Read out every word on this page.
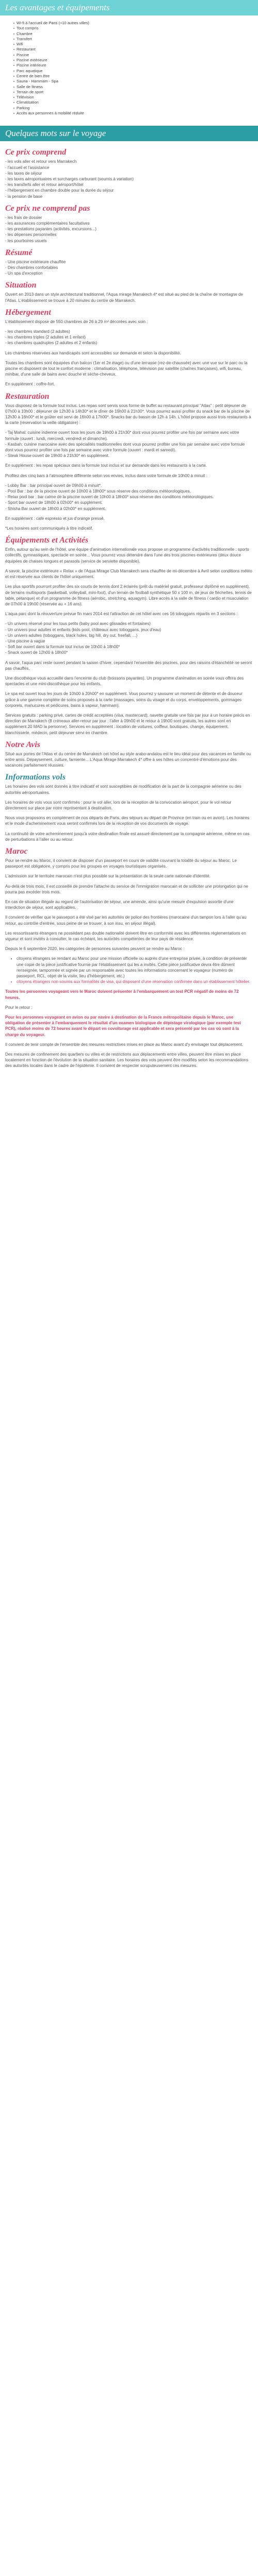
Les avantages et équipements
Wi-fi à l'accueil de Paris (+10 autres villes)
Tout compris
Chambre
Transfert
Wifi
Restaurant
Piscine
Piscine extérieure
Piscine intérieure
Parc aquatique
Centre de bien être
Sauna - Hammam - Spa
Salle de fitness
Terrain de sport
Télévision
Climatisation
Parking
Accès aux personnes à mobilité réduite
Quelques mots sur le voyage
Ce prix comprend
- les vols aller et retour vers Marrakech
- l'accueil et l'assistance
- les taxes de séjour
- les taxes aéroportuaires et surcharges carburant (soumis à variation)
- les transferts aller et retour aéroport/hôtel
- l'hébergement en chambre double pour la durée du séjour
- la pension de base
Ce prix ne comprend pas
- les frais de dossier
- les assurances complémentaires facultatives
- les prestations payantes (activités, excursions...)
- les dépenses personnelles
- les pourboires usuels
Résumé
- Une piscine extérieure chauffée
- Des chambres confortables
- Un spa d'exception
Situation

Ouvert en 2013 dans un style architectural traditionnel, l'Aqua mirage Marrakech 4* est situé au pied de la chaîne de montagne de l'Atlas. L'établissement se trouve à 20 minutes du centre de Marrakech.

Hébergement

L'établissement dispose de 550 chambres de 26 à 29 m² décorées avec soin :

- les chambres standard (2 adultes)
- les chambres triples (2 adultes et 1 enfant)
- les chambres quadruples (2 adultes et 2 enfants)

Les chambres réservées aux handicapés sont accessibles sur demande et selon la disponibilité.

Toutes les chambres sont équipées d'un balcon (1er et 2e étage) ou d'une terrasse (rez-de-chaussée) avec une vue sur le parc ou la piscine et disposent de tout le confort moderne : climatisation, téléphone, télévision par satellite (chaînes françaises), wifi, bureau, minibar, d'une salle de bains avec douche et sèche-cheveux.

En supplément : coffre-fort.

Restauration

Vous disposez de la formule tout inclus. Les repas sont servis sous forme de buffet au restaurant principal "Atlas" : petit déjeuner de 07h00 à 10h00 ; déjeuner de 12h30 à 14h30* et le dîner de 19h00 à 21h30*. Vous pourrez aussi profiter du snack bar de la piscine de 12h30 à 16h00* et le goûter est servi de 16h00 à 17h00*. Snacks bar du bassin de 12h à 14h. L'hôtel propose aussi trois restaurants à la carte (réservation la veille obligatoire) :

- Taj Mahal: cuisine indienne ouvert tous les jours de 19h00 à 21h30* dont vous pourrez profiter une fois par semaine avec votre formule (ouvert : lundi, mercredi, vendredi et dimanche).
- Kasbah: cuisine marocaine avec des spécialités traditionnelles dont vous pourrez profiter une fois par semaine avec votre formule dont vous pourrez profiter une fois par semaine avec votre formule (ouvert : mardi et samedi).
- Steak House ouvert de 19h00 à 21h30* en supplément.

En supplément : les repas spéciaux dans la formule tout inclus et sur demande dans les restaurants à la carte.

Profitez des cinq bars à l'atmosphère différente selon vos envies, inclus dans votre formule de 10h00 à minuit :

- Lobby Bar : bar principal ouvert de 09h00 à minuit*.
- Pool Bar : bar de la piscine ouvert de 10h00 à 18h00* sous réserve des conditions météorologiques.
- Relax pool bar : bar calme de la piscine ouvert de 10h00 à 18h00* sous réserve des conditions météorologiques.
- Sport bar ouvert de 18h00 à 02h00* en supplément.
- Shisha Bar ouvert de 18h00 à 02h00* en supplément.

En supplément : café espresso et jus d'orange pressé.

*Les horaires sont communiqués à titre indicatif.

Équipements et Activités

Enfin, autour qu'au sein de l'hôtel, une équipe d'animation internationale vous propose un programme d'activités traditionnelle : sports collectifs, gymnastiques, spectacle en soirée... Vous pourrez vous détendre dans l'une des trois piscines extérieures (deux douce équipées de chaises longues et parasols (service de serviette disponible).

A savoir, la piscine extérieure « Relax » de l'Aqua Mirage Club Marrakech sera chauffée de mi-décembre à Avril selon conditions météo et est réservée aux clients de l'hôtel uniquement.

Les plus sportifs pourront profiter des six courts de tennis dont 2 éclairés (prêt du matériel gratuit, professeur diplômé en supplément), de terrains multisports (basketball, volleyball, mini-foot), d'un terrain de football synthétique 50 x 100 m, de jeux de fléchettes, tennis de table, pétanque) et d'un programme de fitness (aérobic, stretching, aquagym). Libre accès à la salle de fitness / cardio et musculation de 07h00 à 19h00 (réservée au + 16 ans).

L'aqua parc dont la réouverture prévue fin mars 2014 est l'attraction de cet hôtel avec ces 16 toboggans répartis en 3 sections :

- Un univers réservé pour les tous petits (baby pool avec glissades et fontaines)
- Un univers pour adultes et enfants (kids pool, châteaux avec toboggans, jeux d'eau)
- Un univers adultes (toboggans, black holes, big hill, dry out, freefall, ...)
- Une piscine à vague
- Soft bar ouvert dans la formule tout inclus de 10h00 à 18h00*
- Snack ouvert de 12h00 à 18h00*

A savoir, l'aqua parc reste ouvert pendant la saison d'hiver, cependant l'ensemble des piscines, pour des raisons d'étanchéité ne seront pas chauffés.

Une discothèque vous accueille dans l'enceinte du club (boissons payantes). Un programme d'animation en soirée vous offrira des spectacles et une mini-discothèque pour les enfants.

Le spa est ouvert tous les jours de 10h00 à 20h00* en supplément. Vous pourrez y savourer un moment de détente et de douceur grâce à une gamme complète de soins proposés à la carte (massages, soins du visage et du corps, enveloppements, gommages corporels, manucures et pédicures, bains à vapeur, hammam).

Services gratuits : parking privé, cartes de crédit acceptées (visa, mastercard), navette gratuite une fois par jour à un horaire précis en direction de Marrakech (8 créneaux aller-retour par jour : l'aller à 09h00 et le retour à 19h00 sont gratuits, les autres sont en supplément 20 MAD la personne). Services en supplément : location de voitures, coiffeur, boutiques, change, équipement, blanchisserie, médecin, petit déjeuner servi en chambre.

Notre Avis

Situé aux portes de l'Atlas et du centre de Marrakech cet hôtel au style arabo-andalou est le lieu idéal pour des vacances en famille ou entre amis. Dépaysement, culture, farniente... L'Aqua Mirage Marrakech 4* offre à ses hôtes un concentré d'émotions pour des vacances parfaitement réussies.

Informations vols

Les horaires des vols sont donnés à titre indicatif et sont susceptibles de modification de la part de la compagnie aérienne ou des autorités aéroportuaires.

Les horaires de vols vous sont confirmés : pour le vol aller, lors de la réception de la convocation aéroport, pour le vol retour directement sur place par notre représentant à destination.

Nous vous proposons en complément de nos départs de Paris, des séjours au départ de Province (en train ou en avion). Les horaires et le mode d'acheminement vous seront confirmés lors de la réception de vos documents de voyage.

La continuité de votre acheminement jusqu'à votre destination finale est assuré directement par la compagnie aérienne, même en cas de perturbations à l'aller ou au retour.

Maroc

Pour se rendre au Maroc, il convient de disposer d'un passeport en cours de validité couvrant la totalité du séjour au Maroc. Le passeport est obligatoire, y compris pour les groupes en voyages touristiques organisés.

L'admission sur le territoire marocain n'est plus possible sur la présentation de la seule carte nationale d'identité.

Au-delà de trois mois, il est conseillé de prendre l'attache du service de l'immigration marocain et de solliciter une prolongation qui ne pourra pas excéder trois mois.

En cas de situation illégale au regard de l'autorisation de séjour, une amende, ainsi qu'une mesure d'expulsion assortie d'une interdiction de séjour, sont applicables.

Il convient de vérifier que le passeport a été visé par les autorités de police des frontières (marocaine d'un tampon lors à l'aller qu'au retour, au contrôle d'entrée, sous peine de se trouver, à son insu, en séjour illégal).

Les ressortissants étrangers ne possédant pas double nationalité doivent être en conformité avec les différentes réglementations en vigueur et sont invités à consulter, le cas échéant, les autorités compétentes de leur pays de résidence.

Depuis le 6 septembre 2020, les catégories de personnes suivantes peuvent se rendre au Maroc :

• citoyens étrangers se rendant au Maroc pour une mission officielle ou auprès d'une entreprise privée, à condition de présenter une copie de la pièce justificative fournie par l'établissement qui les a invités. Cette pièce justificative devra être dûment renseignée, tamponnée et signée par un responsable avec toutes les informations concernant le voyageur (numéro de passeport, RCL, objet de la visite, lieu d'hébergement, etc.)
• citoyens étrangers non soumis aux formalités de visa, qui disposent d'une réservation confirmée dans un établissement hôtelier.

Toutes les personnes voyageant vers le Maroc doivent présenter à l'embarquement un test PCR négatif de moins de 72 heures.

Pour le retour :

Pour les personnes voyageant en avion ou par navire à destination de la France métropolitaine depuis le Maroc, une obligation de présenter à l'embarquement le résultat d'un examen biologique de dépistage virologique (par exemple test PCR), réalisé moins de 72 heures avant le départ en covoiturage est applicable et sera présenté par les cas où sont à la charge du voyageur.

Il convient de tenir compte de l'ensemble des mesures restrictives mises en place au Maroc avant d'y envisager tout déplacement.

Des mesures de confinement des quartiers ou villes et de restrictions aux déplacements entre villes, peuvent être mises en place localement en fonction de l'évolution de la situation sanitaire. Les horaires des vols peuvent être modifiés selon les recommandations des autorités locales dans le cadre de l'épidémie. Il convient de respecter scrupuleusement ces mesures.
